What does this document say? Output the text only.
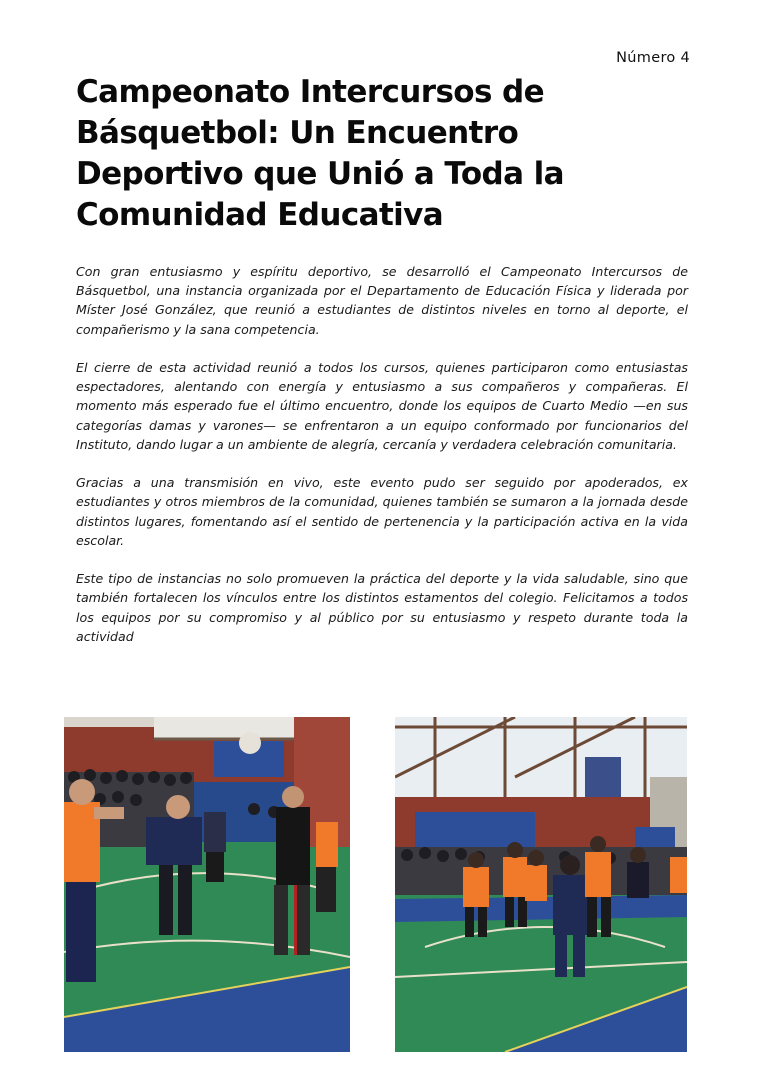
Número 4
Campeonato Intercursos de Básquetbol: Un Encuentro Deportivo que Unió a Toda la Comunidad Educativa

Con gran entusiasmo y espíritu deportivo, se desarrolló el Campeonato Intercursos de Básquetbol, una instancia organizada por el Departamento de Educación Física y liderada por Míster José González, que reunió a estudiantes de distintos niveles en torno al deporte, el compañerismo y la sana competencia.

El cierre de esta actividad reunió a todos los cursos, quienes participaron como entusiastas espectadores, alentando con energía y entusiasmo a sus compañeros y compañeras. El momento más esperado fue el último encuentro, donde los equipos de Cuarto Medio —en sus categorías damas y varones— se enfrentaron a un equipo conformado por funcionarios del Instituto, dando lugar a un ambiente de alegría, cercanía y verdadera celebración comunitaria.

Gracias a una transmisión en vivo, este evento pudo ser seguido por apoderados, ex estudiantes y otros miembros de la comunidad, quienes también se sumaron a la jornada desde distintos lugares, fomentando así el sentido de pertenencia y la participación activa en la vida escolar.

Este tipo de instancias no solo promueven la práctica del deporte y la vida saludable, sino que también fortalecen los vínculos entre los distintos estamentos del colegio. Felicitamos a todos los equipos por su compromiso y al público por su entusiasmo y respeto durante toda la actividad
